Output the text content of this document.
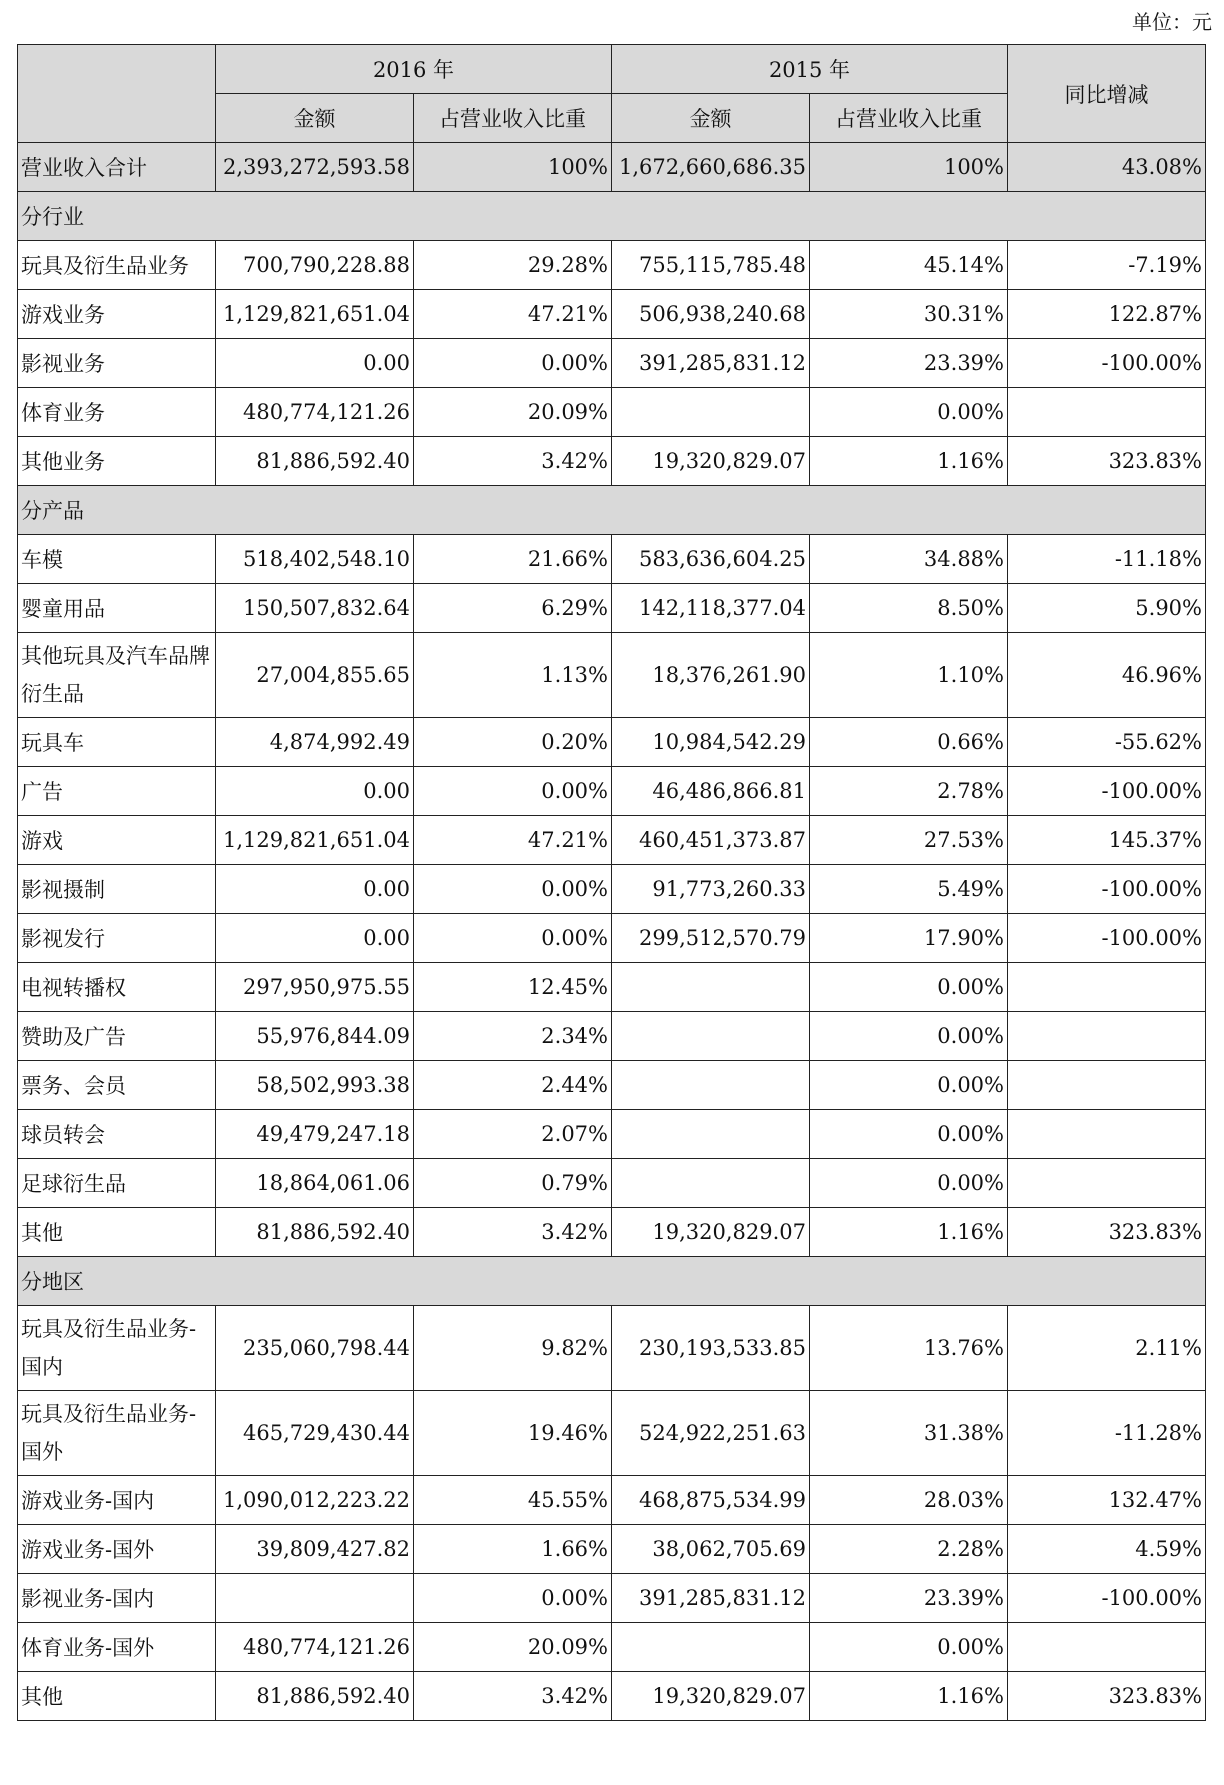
单位：元
	2016 年		2015 年		同比增减
	金额	占营业收入比重	金额	占营业收入比重	
营业收入合计	2,393,272,593.58	100%	1,672,660,686.35	100%	43.08%
分行业					
玩具及衍生品业务	700,790,228.88	29.28%	755,115,785.48	45.14%	-7.19%
游戏业务	1,129,821,651.04	47.21%	506,938,240.68	30.31%	122.87%
影视业务	0.00	0.00%	391,285,831.12	23.39%	-100.00%
体育业务	480,774,121.26	20.09%		0.00%	
其他业务	81,886,592.40	3.42%	19,320,829.07	1.16%	323.83%
分产品					
车模	518,402,548.10	21.66%	583,636,604.25	34.88%	-11.18%
婴童用品	150,507,832.64	6.29%	142,118,377.04	8.50%	5.90%
其他玩具及汽车品牌衍生品	27,004,855.65	1.13%	18,376,261.90	1.10%	46.96%
玩具车	4,874,992.49	0.20%	10,984,542.29	0.66%	-55.62%
广告	0.00	0.00%	46,486,866.81	2.78%	-100.00%
游戏	1,129,821,651.04	47.21%	460,451,373.87	27.53%	145.37%
影视摄制	0.00	0.00%	91,773,260.33	5.49%	-100.00%
影视发行	0.00	0.00%	299,512,570.79	17.90%	-100.00%
电视转播权	297,950,975.55	12.45%		0.00%	
赞助及广告	55,976,844.09	2.34%		0.00%	
票务、会员	58,502,993.38	2.44%		0.00%	
球员转会	49,479,247.18	2.07%		0.00%	
足球衍生品	18,864,061.06	0.79%		0.00%	
其他	81,886,592.40	3.42%	19,320,829.07	1.16%	323.83%
分地区					
玩具及衍生品业务-国内	235,060,798.44	9.82%	230,193,533.85	13.76%	2.11%
玩具及衍生品业务-国外	465,729,430.44	19.46%	524,922,251.63	31.38%	-11.28%
游戏业务-国内	1,090,012,223.22	45.55%	468,875,534.99	28.03%	132.47%
游戏业务-国外	39,809,427.82	1.66%	38,062,705.69	2.28%	4.59%
影视业务-国内		0.00%	391,285,831.12	23.39%	-100.00%
体育业务-国外	480,774,121.26	20.09%		0.00%	
其他	81,886,592.40	3.42%	19,320,829.07	1.16%	323.83%
